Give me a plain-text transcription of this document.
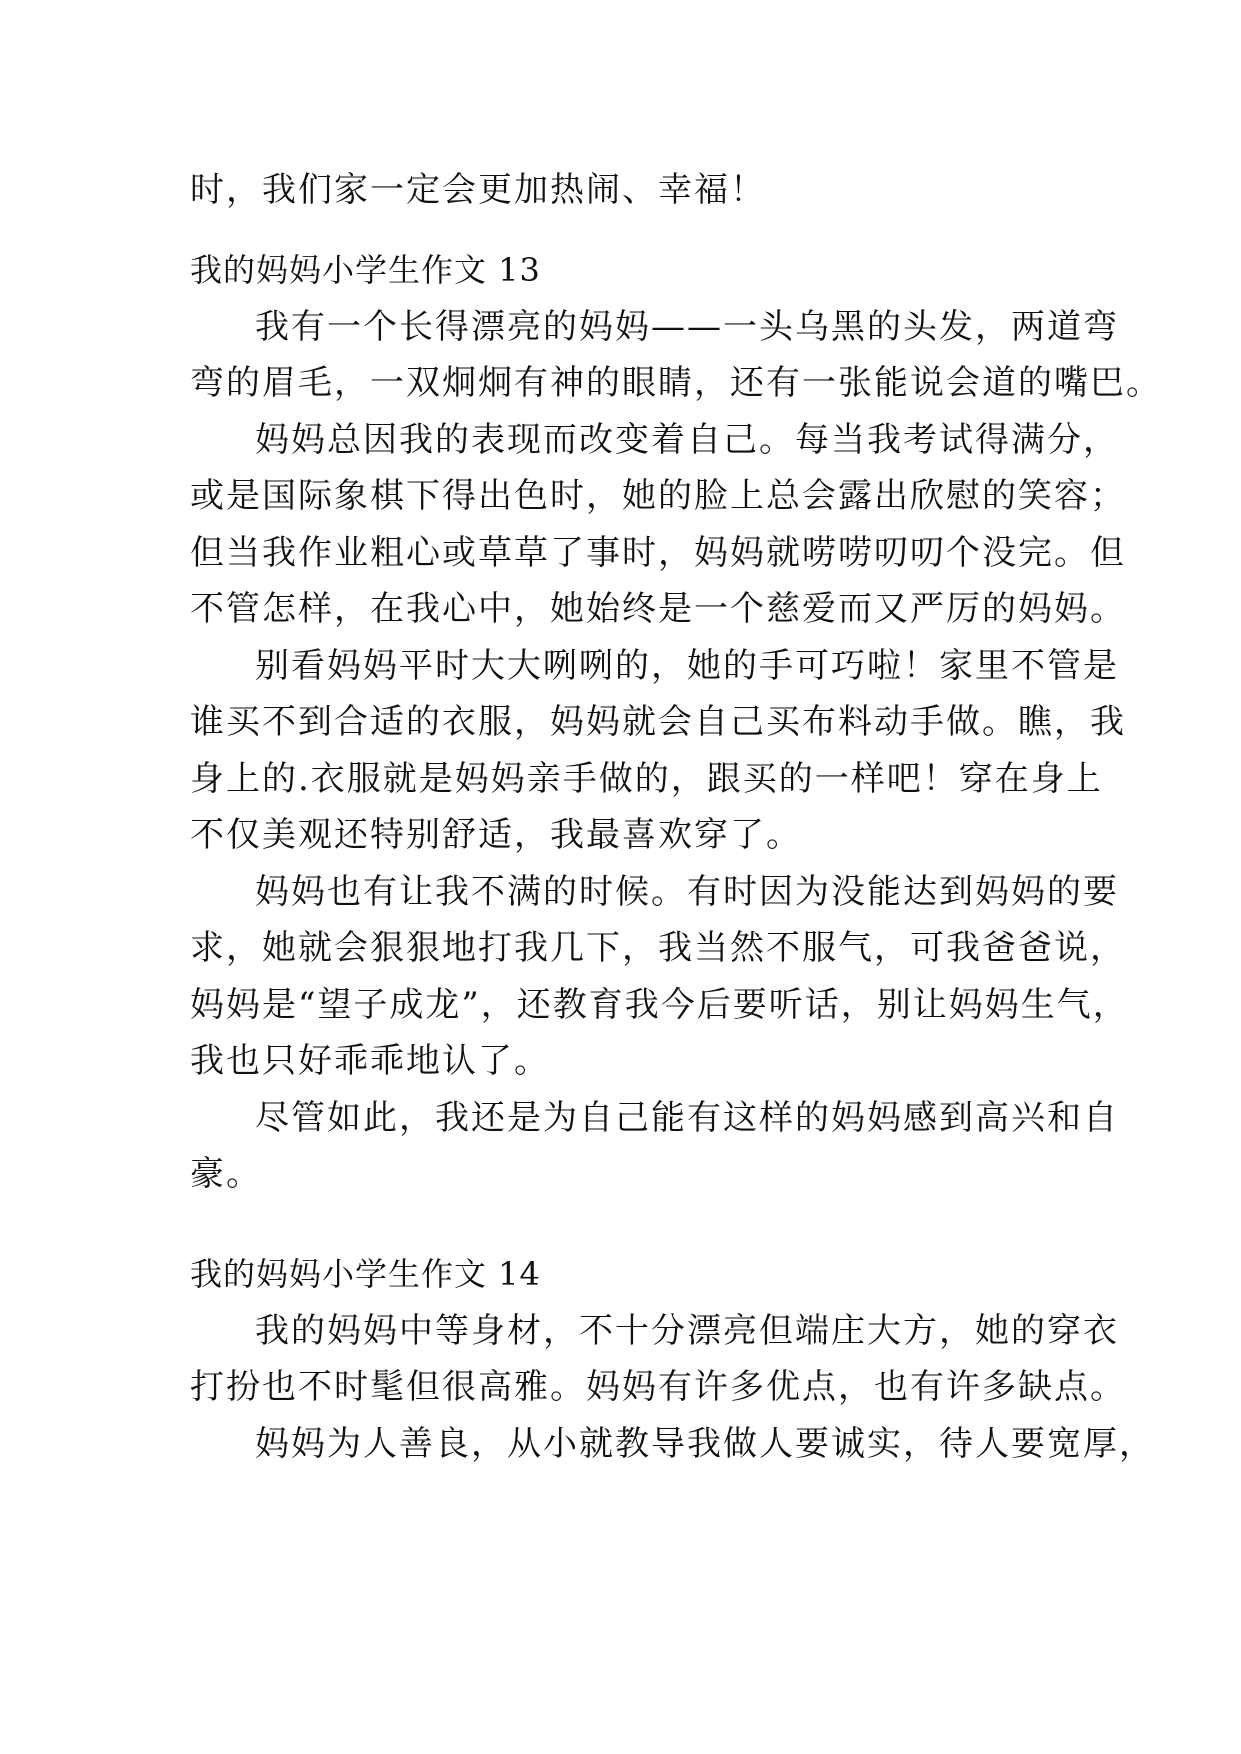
时，我们家一定会更加热闹、幸福！
我的妈妈小学生作文 13
我有一个长得漂亮的妈妈——一头乌黑的头发，两道弯
弯的眉毛，一双炯炯有神的眼睛，还有一张能说会道的嘴巴。
妈妈总因我的表现而改变着自己。每当我考试得满分，
或是国际象棋下得出色时，她的脸上总会露出欣慰的笑容；
但当我作业粗心或草草了事时，妈妈就唠唠叨叨个没完。但
不管怎样，在我心中，她始终是一个慈爱而又严厉的妈妈。
别看妈妈平时大大咧咧的，她的手可巧啦！家里不管是
谁买不到合适的衣服，妈妈就会自己买布料动手做。瞧，我
身上的.衣服就是妈妈亲手做的，跟买的一样吧！穿在身上
不仅美观还特别舒适，我最喜欢穿了。
妈妈也有让我不满的时候。有时因为没能达到妈妈的要
求，她就会狠狠地打我几下，我当然不服气，可我爸爸说，
妈妈是“望子成龙”，还教育我今后要听话，别让妈妈生气，
我也只好乖乖地认了。
尽管如此，我还是为自己能有这样的妈妈感到高兴和自
豪。
我的妈妈小学生作文 14
我的妈妈中等身材，不十分漂亮但端庄大方，她的穿衣
打扮也不时髦但很高雅。妈妈有许多优点，也有许多缺点。
妈妈为人善良，从小就教导我做人要诚实，待人要宽厚，
